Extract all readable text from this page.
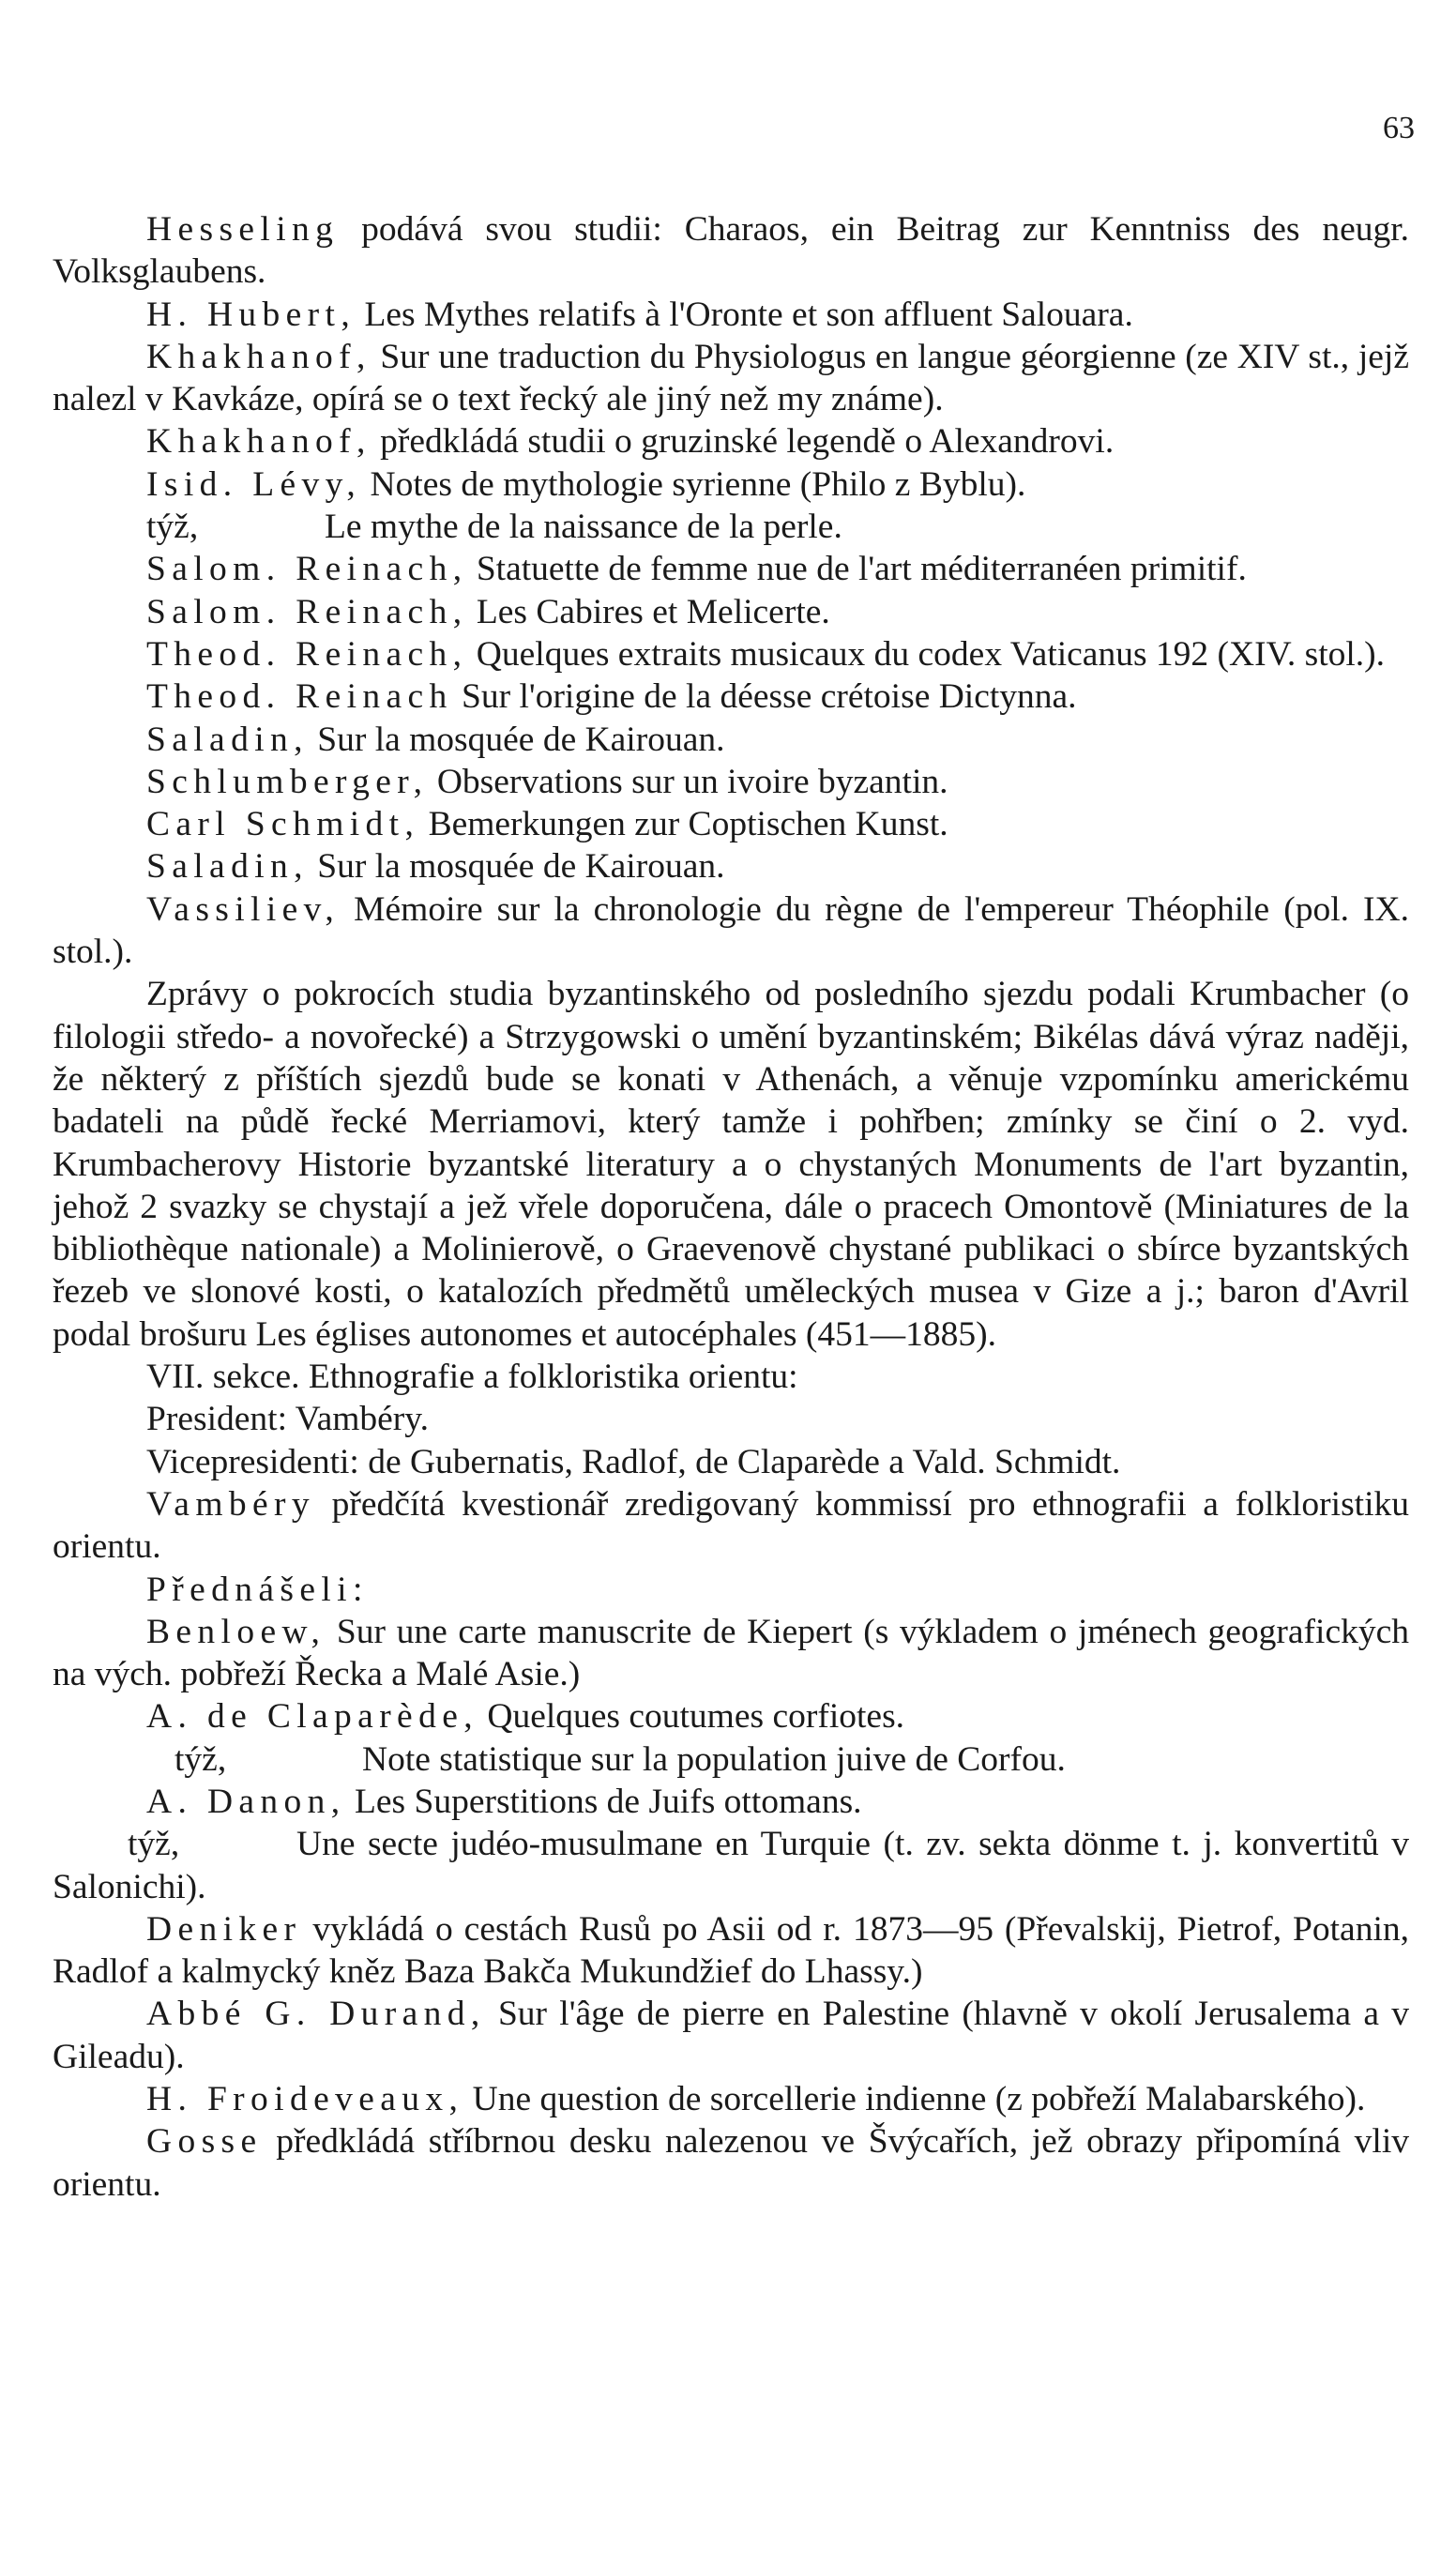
63

Hesseling podává svou studii: Charaos, ein Beitrag zur Kenntniss des neugr. Volksglaubens.

H. Hubert, Les Mythes relatifs à l'Oronte et son affluent Salouara.

Khakhanof, Sur une traduction du Physiologus en langue géorgienne (ze XIV st., jejž nalezl v Kavkáze, opírá se o text řecký ale jiný než my známe).

Khakhanof, předkládá studii o gruzinské legendě o Alexandrovi.

Isid. Lévy, Notes de mythologie syrienne (Philo z Byblu).

týž,	Le mythe de la naissance de la perle.

Salom. Reinach, Statuette de femme nue de l'art méditerranéen primitif.

Salom. Reinach, Les Cabires et Melicerte.

Theod. Reinach, Quelques extraits musicaux du codex Vaticanus 192 (XIV. stol.).

Theod. Reinach Sur l'origine de la déesse crétoise Dictynna.

Saladin, Sur la mosquée de Kairouan.

Schlumberger, Observations sur un ivoire byzantin.

Carl Schmidt, Bemerkungen zur Coptischen Kunst.

Saladin, Sur la mosquée de Kairouan.

Vassiliev, Mémoire sur la chronologie du règne de l'empereur Théophile (pol. IX. stol.).

Zprávy o pokrocích studia byzantinského od posledního sjezdu podali Krumbacher (o filologii středo- a novořecké) a Strzygowski o umění byzantinském; Bikélas dává výraz naději, že některý z příštích sjezdů bude se konati v Athenách, a věnuje vzpomínku americkému badateli na půdě řecké Merriamovi, který tamže i pohřben; zmínky se činí o 2. vyd. Krumbacherovy Historie byzantské literatury a o chystaných Monuments de l'art byzantin, jehož 2 svazky se chystají a jež vřele doporučena, dále o pracech Omontově (Miniatures de la bibliothèque nationale) a Molinierově, o Graevenově chystané publikaci o sbírce byzantských řezeb ve slonové kosti, o katalozích předmětů uměleckých musea v Gize a j.; baron d'Avril podal brošuru Les églises autonomes et autocéphales (451—1885).

VII. sekce. Ethnografie a folkloristika orientu:

President: Vambéry.

Vicepresidenti: de Gubernatis, Radlof, de Claparède a Vald. Schmidt.

Vambéry předčítá kvestionář zredigovaný kommissí pro ethnografii a folkloristiku orientu.

Přednášeli:

Benloew, Sur une carte manuscrite de Kiepert (s výkladem o jménech geografických na vých. pobřeží Řecka a Malé Asie.)

A. de Claparède, Quelques coutumes corfiotes.

týž,	Note statistique sur la population juive de Corfou.

A. Danon, Les Superstitions de Juifs ottomans.

týž,	Une secte judéo-musulmane en Turquie (t. zv. sekta dönme t. j. konvertitů v Salonichi).

Deniker vykládá o cestách Rusů po Asii od r. 1873—95 (Převalskij, Pietrof, Potanin, Radlof a kalmycký kněz Baza Bakča Mukundžief do Lhassy.)

Abbé G. Durand, Sur l'âge de pierre en Palestine (hlavně v okolí Jerusalema a v Gileadu).

H. Froideveaux, Une question de sorcellerie indienne (z pobřeží Malabarského).

Gosse předkládá stříbrnou desku nalezenou ve Švýcařích, jež obrazy připomíná vliv orientu.
